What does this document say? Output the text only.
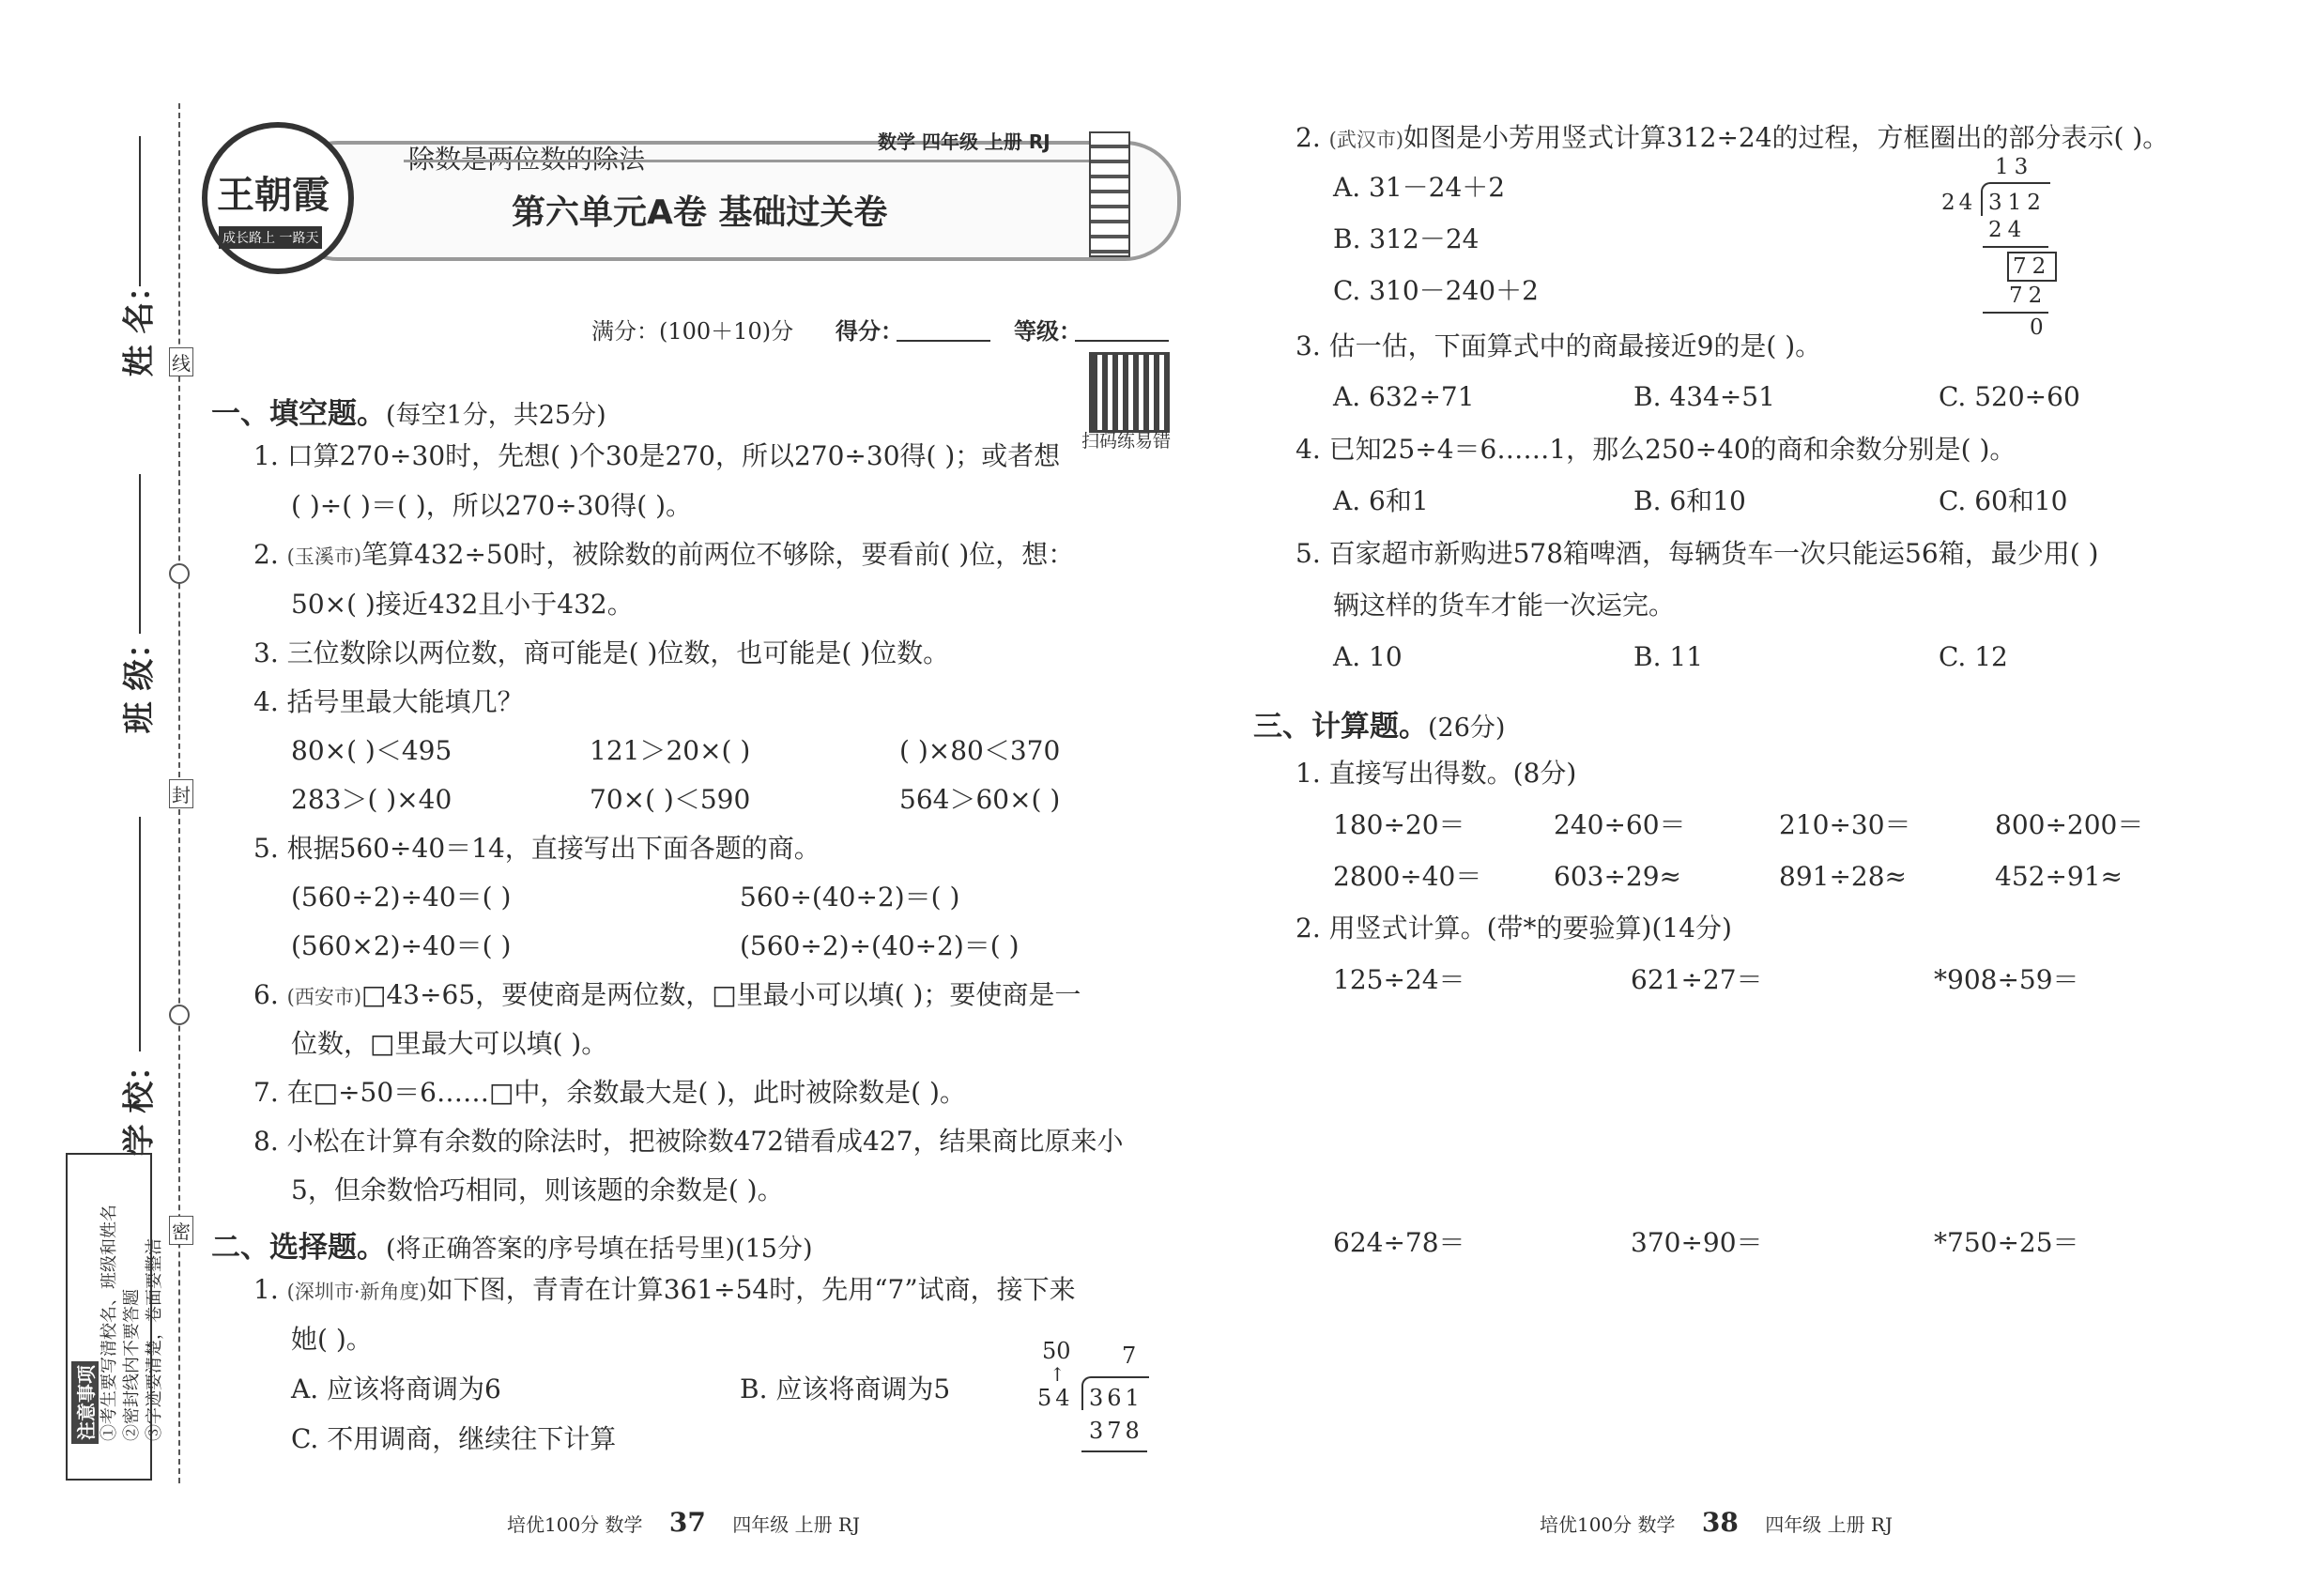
姓 名：
班 级：
学 校：
线
封
密
注意事项 ①考生要写清校名、班级和姓名 ②密封线内不要答题 ③字迹要清楚，卷面要整洁
王朝霞
成长路上 一路天
除数是两位数的除法
数学 四年级 上册 RJ
第六单元A卷 基础过关卷
满分：(100＋10)分 得分：	等级：
扫码练易错
一、填空题。(每空1分，共25分)
1. 口算270÷30时，先想( )个30是270，所以270÷30得( )；或者想
( )÷( )＝( )，所以270÷30得( )。
2. (玉溪市)笔算432÷50时，被除数的前两位不够除，要看前( )位，想：
50×( )接近432且小于432。
3. 三位数除以两位数，商可能是( )位数，也可能是( )位数。
4. 括号里最大能填几？
80×( )＜495	121＞20×( )	( )×80＜370
283＞( )×40	70×( )＜590	564＞60×( )
5. 根据560÷40＝14，直接写出下面各题的商。
(560÷2)÷40＝( )	560÷(40÷2)＝( )
(560×2)÷40＝( )	(560÷2)÷(40÷2)＝( )
6. (西安市)□43÷65，要使商是两位数，□里最小可以填( )；要使商是一
位数，□里最大可以填( )。
7. 在□÷50＝6……□中，余数最大是( )，此时被除数是( )。
8. 小松在计算有余数的除法时，把被除数472错看成427，结果商比原来小
5，但余数恰巧相同，则该题的余数是( )。
二、选择题。(将正确答案的序号填在括号里)(15分)
1. (深圳市·新角度)如下图，青青在计算361÷54时，先用“7”试商，接下来
她( )。
A. 应该将商调为6	B. 应该将商调为5
C. 不用调商，继续往下计算
50
↑
7
54 361
378
培优100分 数学 37 四年级 上册 RJ
2. (武汉市)如图是小芳用竖式计算312÷24的过程，方框圈出的部分表示( )。
A. 31－24＋2
B. 312－24
C. 310－240＋2
13
24 312
24
72
72
0
3. 估一估，下面算式中的商最接近9的是( )。
A. 632÷71	B. 434÷51	C. 520÷60
4. 已知25÷4＝6……1，那么250÷40的商和余数分别是( )。
A. 6和1	B. 6和10	C. 60和10
5. 百家超市新购进578箱啤酒，每辆货车一次只能运56箱，最少用( )
辆这样的货车才能一次运完。
A. 10	B. 11	C. 12
三、计算题。(26分)
1. 直接写出得数。(8分)
180÷20＝	240÷60＝	210÷30＝	800÷200＝
2800÷40＝	603÷29≈	891÷28≈	452÷91≈
2. 用竖式计算。(带*的要验算)(14分)
125÷24＝	621÷27＝	*908÷59＝
624÷78＝	370÷90＝	*750÷25＝
培优100分 数学 38 四年级 上册 RJ
